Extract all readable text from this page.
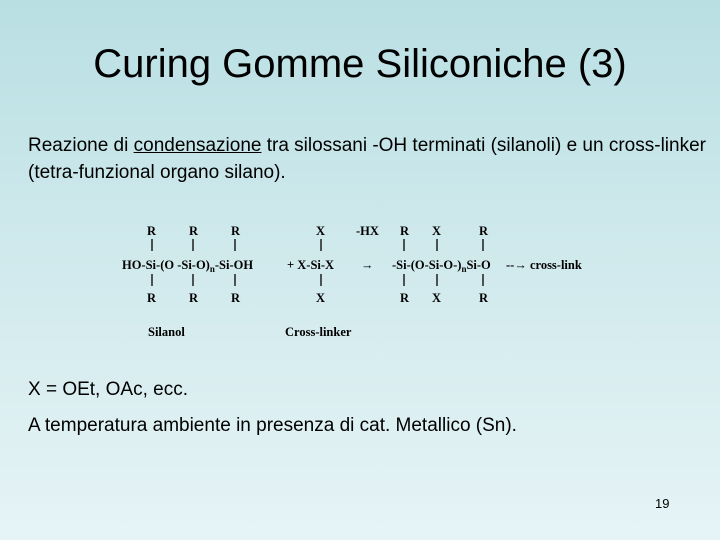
Curing Gomme Siliconiche (3)
Reazione di condensazione tra silossani -OH terminati (silanoli) e un cross-linker (tetra-funzional organo silano).
R	R	R	X -HX R X	R
HO-Si-(O $-Si-O)_n-Si-OH$	+ $X-Si-X \to -Si-(O-Si-O-)_nSi-O$ --→ cross-link
R	R	R	X	R X	R
Silanol	Cross-linker
X = OEt, OAc, ecc.
A temperatura ambiente in presenza di cat. Metallico (Sn).
19
